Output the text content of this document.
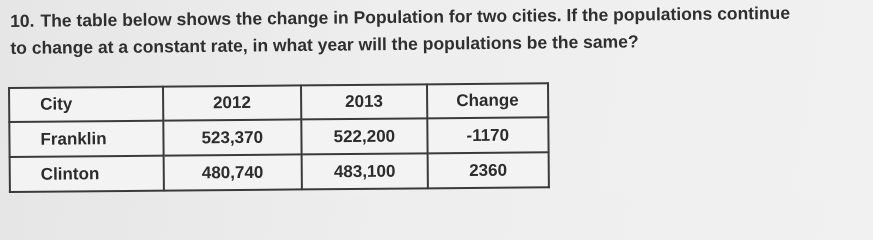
10. The table below shows the change in Population for two cities. If the populations continue
to change at a constant rate, in what year will the populations be the same?
City	2012	2013	Change
Franklin	523,370	522,200	-1170
Clinton	480,740	483,100	2360
